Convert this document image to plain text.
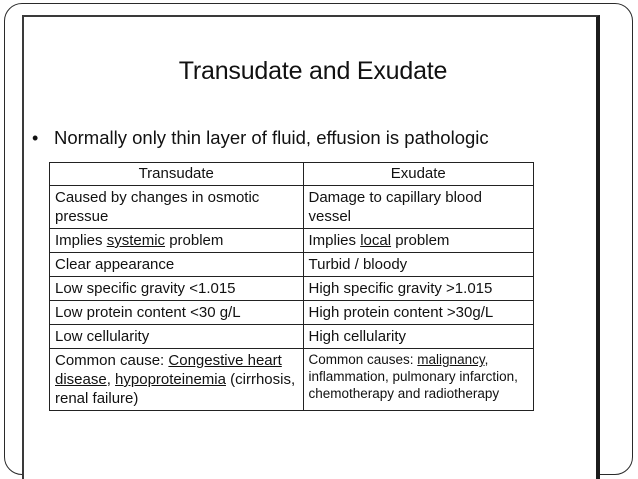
Transudate and Exudate
• Normally only thin layer of fluid, effusion is pathologic
Transudate	Exudate
Caused by changes in osmotic pressue	Damage to capillary blood vessel
Implies systemic problem	Implies local problem
Clear appearance	Turbid / bloody
Low specific gravity <1.015	High specific gravity >1.015
Low protein content <30 g/L	High protein content >30g/L
Low cellularity	High cellularity
Common cause: Congestive heart disease, hypoproteinemia (cirrhosis, renal failure)	Common causes: malignancy, inflammation, pulmonary infarction, chemotherapy and radiotherapy
